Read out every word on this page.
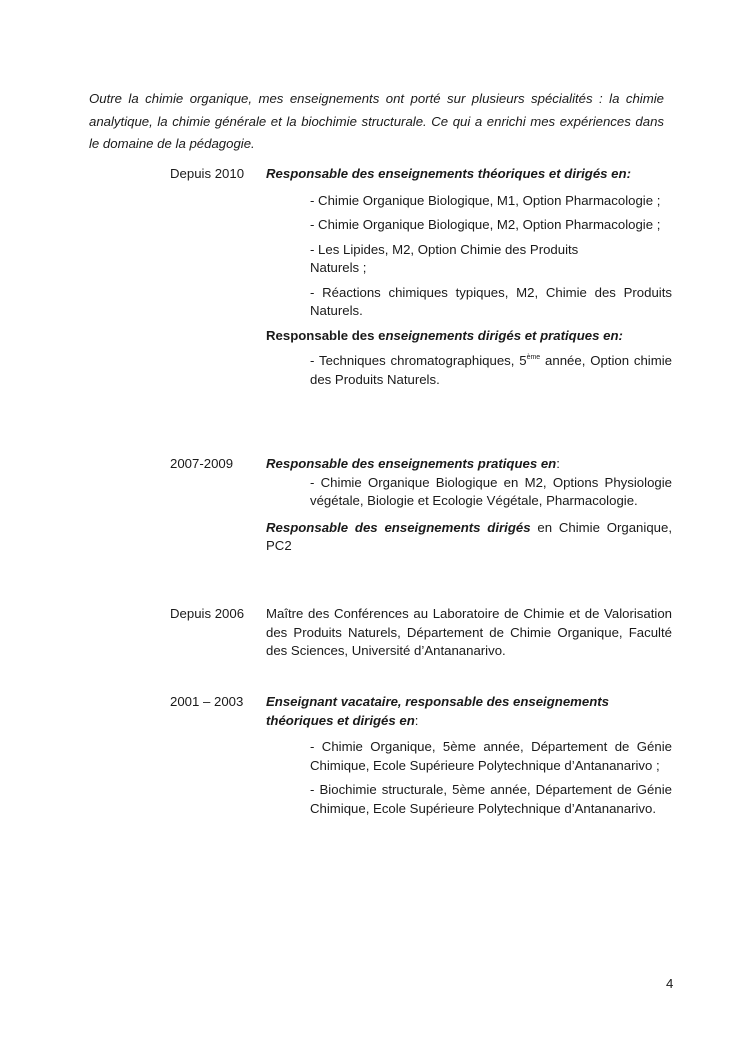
Outre la chimie organique, mes enseignements ont porté sur plusieurs spécialités : la chimie analytique, la chimie générale et la biochimie structurale. Ce qui a enrichi mes expériences dans le domaine de la pédagogie.

Depuis 2010	Responsable des enseignements théoriques et dirigés en:

- Chimie Organique Biologique, M1, Option Pharmacologie ;

- Chimie Organique Biologique, M2, Option Pharmacologie ;

- Les Lipides, M2, Option Chimie des Produits Naturels ;

- Réactions chimiques typiques, M2, Chimie des Produits Naturels.

Responsable des enseignements dirigés et pratiques en:

- Techniques chromatographiques, 5ème année, Option chimie des Produits Naturels.

2007-2009	Responsable des enseignements pratiques en:

- Chimie Organique Biologique en M2, Options Physiologie végétale, Biologie et Ecologie Végétale, Pharmacologie.

Responsable des enseignements dirigés en Chimie Organique, PC2

Depuis 2006	Maître des Conférences au Laboratoire de Chimie et de Valorisation des Produits Naturels, Département de Chimie Organique, Faculté des Sciences, Université d’Antananarivo.

2001 – 2003	Enseignant vacataire, responsable des enseignements théoriques et dirigés en:

- Chimie Organique, 5ème année, Département de Génie Chimique, Ecole Supérieure Polytechnique d’Antananarivo ;

- Biochimie structurale, 5ème année, Département de Génie Chimique, Ecole Supérieure Polytechnique d’Antananarivo.

4
